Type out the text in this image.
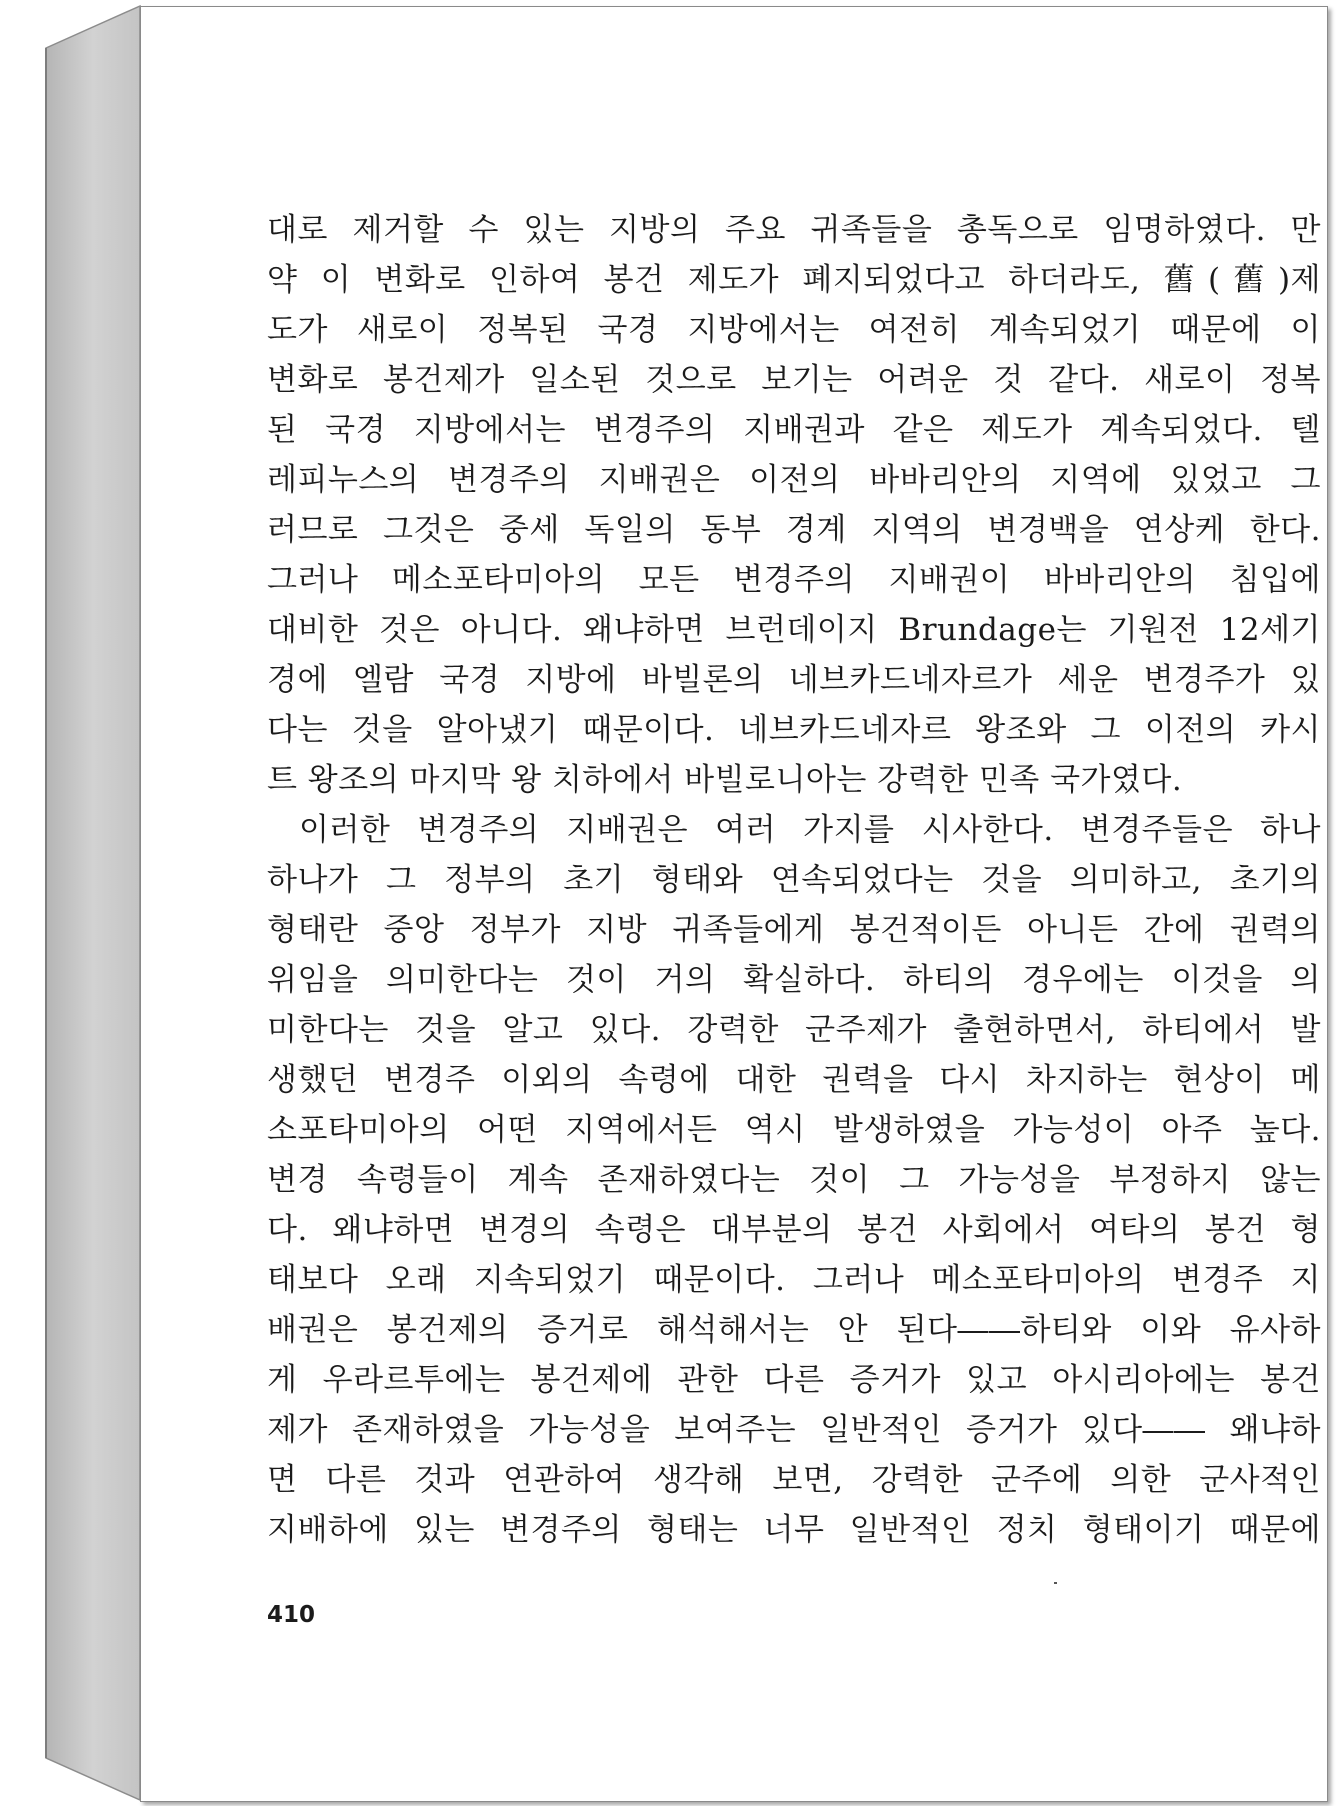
대로 제거할 수 있는 지방의 주요 귀족들을 총독으로 임명하였다. 만
약 이 변화로 인하여 봉건 제도가 폐지되었다고 하더라도, 舊(舊)제
도가 새로이 정복된 국경 지방에서는 여전히 계속되었기 때문에 이
변화로 봉건제가 일소된 것으로 보기는 어려운 것 같다. 새로이 정복
된 국경 지방에서는 변경주의 지배권과 같은 제도가 계속되었다. 텔
레피누스의 변경주의 지배권은 이전의 바바리안의 지역에 있었고 그
러므로 그것은 중세 독일의 동부 경계 지역의 변경백을 연상케 한다.
그러나 메소포타미아의 모든 변경주의 지배권이 바바리안의 침입에
대비한 것은 아니다. 왜냐하면 브런데이지 Brundage는 기원전 12세기
경에 엘람 국경 지방에 바빌론의 네브카드네자르가 세운 변경주가 있
다는 것을 알아냈기 때문이다. 네브카드네자르 왕조와 그 이전의 카시
트 왕조의 마지막 왕 치하에서 바빌로니아는 강력한 민족 국가였다.
이러한 변경주의 지배권은 여러 가지를 시사한다. 변경주들은 하나
하나가 그 정부의 초기 형태와 연속되었다는 것을 의미하고, 초기의
형태란 중앙 정부가 지방 귀족들에게 봉건적이든 아니든 간에 권력의
위임을 의미한다는 것이 거의 확실하다. 하티의 경우에는 이것을 의
미한다는 것을 알고 있다. 강력한 군주제가 출현하면서, 하티에서 발
생했던 변경주 이외의 속령에 대한 권력을 다시 차지하는 현상이 메
소포타미아의 어떤 지역에서든 역시 발생하였을 가능성이 아주 높다.
변경 속령들이 계속 존재하였다는 것이 그 가능성을 부정하지 않는
다. 왜냐하면 변경의 속령은 대부분의 봉건 사회에서 여타의 봉건 형
태보다 오래 지속되었기 때문이다. 그러나 메소포타미아의 변경주 지
배권은 봉건제의 증거로 해석해서는 안 된다――하티와 이와 유사하
게 우라르투에는 봉건제에 관한 다른 증거가 있고 아시리아에는 봉건
제가 존재하였을 가능성을 보여주는 일반적인 증거가 있다―― 왜냐하
면 다른 것과 연관하여 생각해 보면, 강력한 군주에 의한 군사적인
지배하에 있는 변경주의 형태는 너무 일반적인 정치 형태이기 때문에
410
